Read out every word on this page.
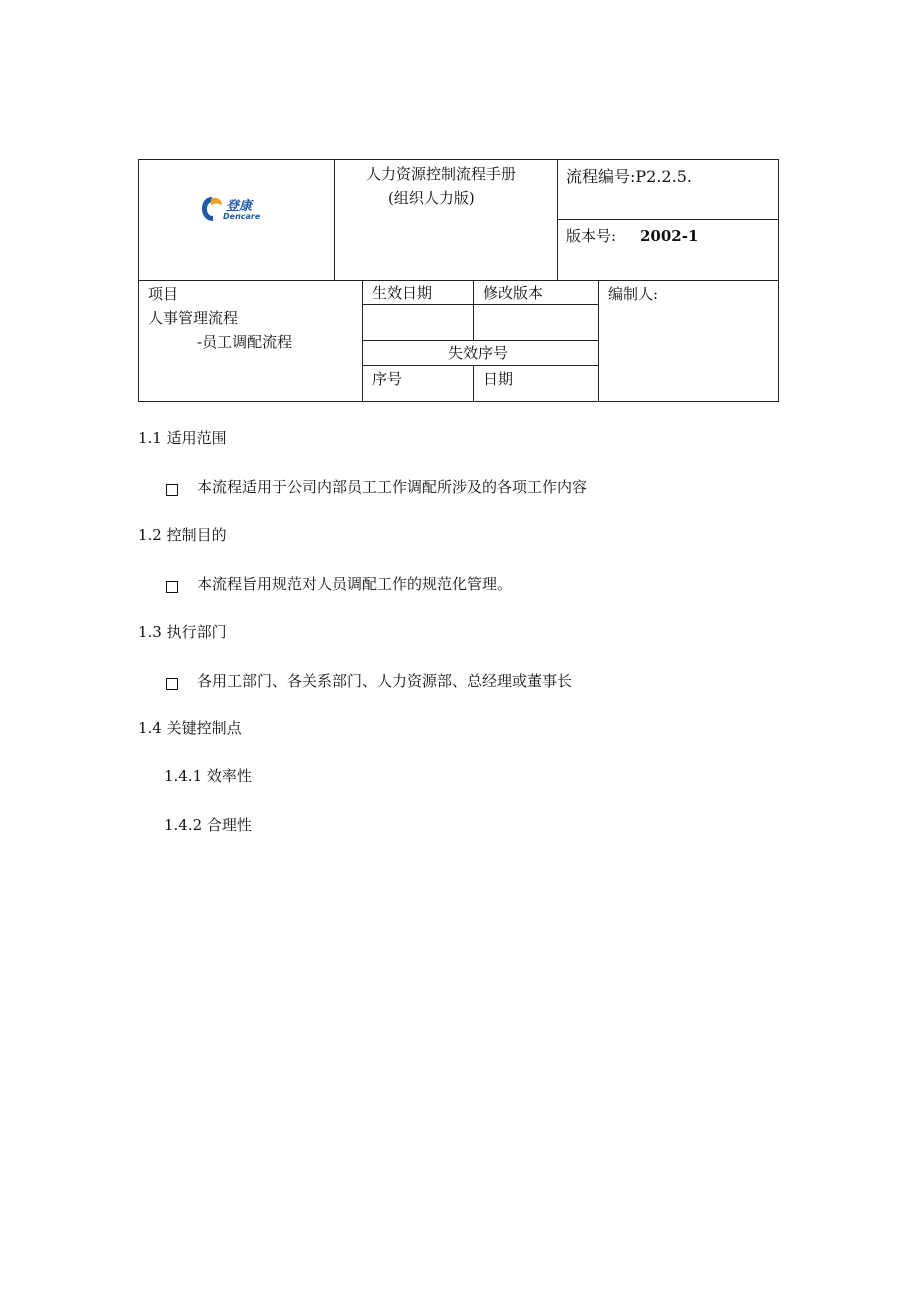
登康
Dencare
人力资源控制流程手册
(组织人力版)
流程编号:P2.2.5.
版本号: 2002-1
项目
人事管理流程
-员工调配流程
生效日期	修改版本
失效序号
序号	日期
编制人:
1.1 适用范围
本流程适用于公司内部员工工作调配所涉及的各项工作内容
1.2 控制目的
本流程旨用规范对人员调配工作的规范化管理。
1.3 执行部门
各用工部门、各关系部门、人力资源部、总经理或董事长
1.4 关键控制点
1.4.1 效率性
1.4.2 合理性
